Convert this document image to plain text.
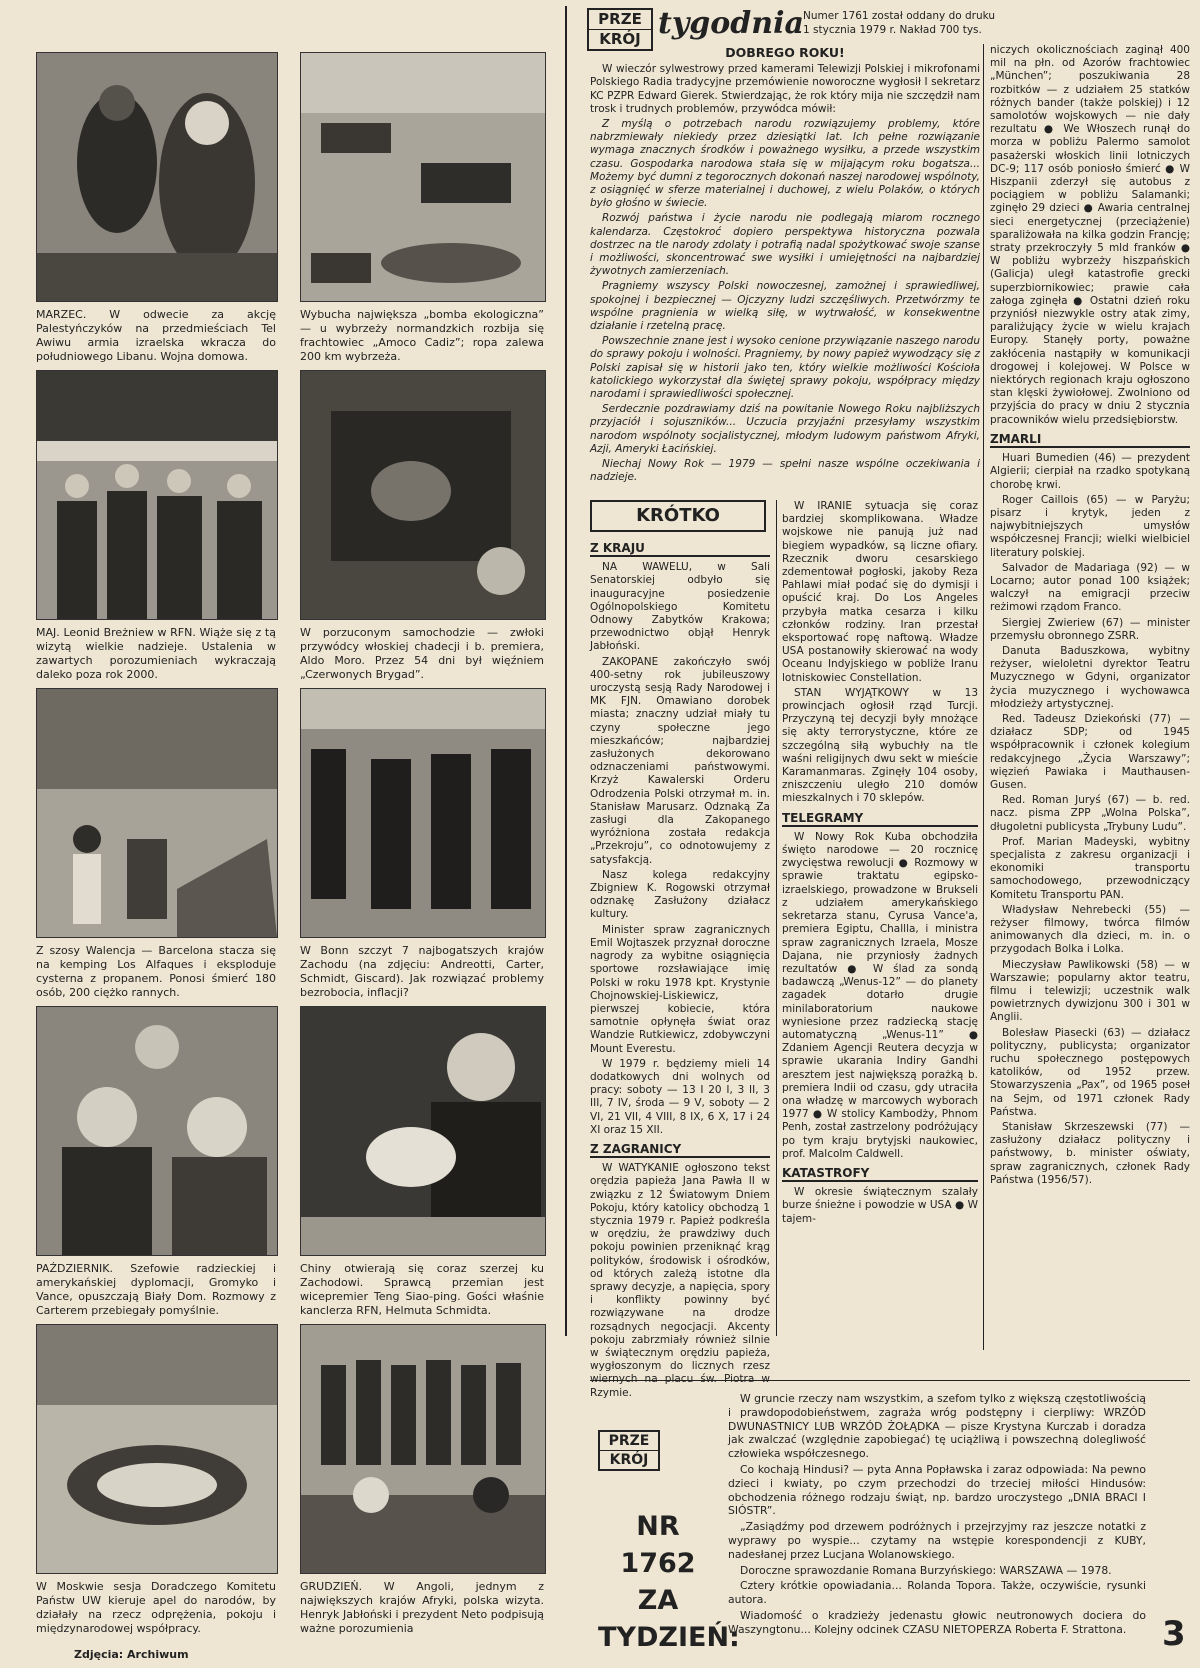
MARZEC. W odwecie za akcję Palestyńczyków na przedmieściach Tel Awiwu armia izraelska wkracza do południowego Libanu. Wojna domowa.
Wybucha największa „bomba ekologiczna” — u wybrzeży normandzkich rozbija się frachtowiec „Amoco Cadiz”; ropa zalewa 200 km wybrzeża.
MAJ. Leonid Breżniew w RFN. Wiąże się z tą wizytą wielkie nadzieje. Ustalenia w zawartych porozumieniach wykraczają daleko poza rok 2000.
W porzuconym samochodzie — zwłoki przywódcy włoskiej chadecji i b. premiera, Aldo Moro. Przez 54 dni był więźniem „Czerwonych Brygad”.
Z szosy Walencja — Barcelona stacza się na kemping Los Alfaques i eksploduje cysterna z propanem. Ponosi śmierć 180 osób, 200 ciężko rannych.
W Bonn szczyt 7 najbogatszych krajów Zachodu (na zdjęciu: Andreotti, Carter, Schmidt, Giscard). Jak rozwiązać problemy bezrobocia, inflacji?
PAŹDZIERNIK. Szefowie radzieckiej i amerykańskiej dyplomacji, Gromyko i Vance, opuszczają Biały Dom. Rozmowy z Carterem przebiegały pomyślnie.
Chiny otwierają się coraz szerzej ku Zachodowi. Sprawcą przemian jest wicepremier Teng Siao-ping. Gości właśnie kanclerza RFN, Helmuta Schmidta.
W Moskwie sesja Doradczego Komitetu Państw UW kieruje apel do narodów, by działały na rzecz odprężenia, pokoju i międzynarodowej współpracy.
GRUDZIEŃ. W Angoli, jednym z największych krajów Afryki, polska wizyta. Henryk Jabłoński i prezydent Neto podpisują ważne porozumienia
Zdjęcia: Archiwum
PRZE
KRÓJ tygodnia Numer 1761 został oddany do druku
1 stycznia 1979 r. Nakład 700 tys.
DOBREGO ROKU!

W wieczór sylwestrowy przed kamerami Telewizji Polskiej i mikrofonami Polskiego Radia tradycyjne przemówienie noworoczne wygłosił I sekretarz KC PZPR Edward Gierek. Stwierdzając, że rok który mija nie szczędził nam trosk i trudnych problemów, przywódca mówił:

Z myślą o potrzebach narodu rozwiązujemy problemy, które nabrzmiewały niekiedy przez dziesiątki lat. Ich pełne rozwiązanie wymaga znacznych środków i poważnego wysiłku, a przede wszystkim czasu. Gospodarka narodowa stała się w mijającym roku bogatsza... Możemy być dumni z tegorocznych dokonań naszej narodowej wspólnoty, z osiągnięć w sferze materialnej i duchowej, z wielu Polaków, o których było głośno w świecie.

Rozwój państwa i życie narodu nie podlegają miarom rocznego kalendarza. Częstokroć dopiero perspektywa historyczna pozwala dostrzec na tle narody zdolaty i potrafią nadal spożytkować swoje szanse i możliwości, skoncentrować swe wysiłki i umiejętności na najbardziej żywotnych zamierzeniach.

Pragniemy wszyscy Polski nowoczesnej, zamożnej i sprawiedliwej, spokojnej i bezpiecznej — Ojczyzny ludzi szczęśliwych. Przetwórzmy te wspólne pragnienia w wielką siłę, w wytrwałość, w konsekwentne działanie i rzetelną pracę.

Powszechnie znane jest i wysoko cenione przywiązanie naszego narodu do sprawy pokoju i wolności. Pragniemy, by nowy papież wywodzący się z Polski zapisał się w historii jako ten, który wielkie możliwości Kościoła katolickiego wykorzystał dla świętej sprawy pokoju, współpracy między narodami i sprawiedliwości społecznej.

Serdecznie pozdrawiamy dziś na powitanie Nowego Roku najbliższych przyjaciół i sojuszników... Uczucia przyjaźni przesyłamy wszystkim narodom wspólnoty socjalistycznej, młodym ludowym państwom Afryki, Azji, Ameryki Łacińskiej.

Niechaj Nowy Rok — 1979 — spełni nasze wspólne oczekiwania i nadzieje.

niczych okolicznościach zaginął 400 mil na płn. od Azorów frachtowiec „München”; poszukiwania 28 rozbitków — z udziałem 25 statków różnych bander (także polskiej) i 12 samolotów wojskowych — nie dały rezultatu ● We Włoszech runął do morza w pobliżu Palermo samolot pasażerski włoskich linii lotniczych DC-9; 117 osób poniosło śmierć ● W Hiszpanii zderzył się autobus z pociągiem w pobliżu Salamanki; zginęło 29 dzieci ● Awaria centralnej sieci energetycznej (przeciążenie) sparaliżowała na kilka godzin Francję; straty przekroczyły 5 mld franków ● W pobliżu wybrzeży hiszpańskich (Galicja) uległ katastrofie grecki superzbiornikowiec; prawie cała załoga zginęła ● Ostatni dzień roku przyniósł niezwykle ostry atak zimy, paraliżujący życie w wielu krajach Europy. Stanęły porty, poważne zakłócenia nastąpiły w komunikacji drogowej i kolejowej. W Polsce w niektórych regionach kraju ogłoszono stan klęski żywiołowej. Zwolniono od przyjścia do pracy w dniu 2 stycznia pracowników wielu przedsiębiorstw.

ZMARLI

Huari Bumedien (46) — prezydent Algierii; cierpiał na rzadko spotykaną chorobę krwi.

Roger Caillois (65) — w Paryżu; pisarz i krytyk, jeden z najwybitniejszych umysłów współczesnej Francji; wielki wielbiciel literatury polskiej.

Salvador de Madariaga (92) — w Locarno; autor ponad 100 książek; walczył na emigracji przeciw reżimowi rządom Franco.

Siergiej Zwieriew (67) — minister przemysłu obronnego ZSRR.

Danuta Baduszkowa, wybitny reżyser, wieloletni dyrektor Teatru Muzycznego w Gdyni, organizator życia muzycznego i wychowawca młodzieży artystycznej.

Red. Tadeusz Dziekoński (77) — działacz SDP; od 1945 współpracownik i członek kolegium redakcyjnego „Życia Warszawy”; więzień Pawiaka i Mauthausen-Gusen.

Red. Roman Juryś (67) — b. red. nacz. pisma ZPP „Wolna Polska”, długoletni publicysta „Trybuny Ludu”.

Prof. Marian Madeyski, wybitny specjalista z zakresu organizacji i ekonomiki transportu samochodowego, przewodniczący Komitetu Transportu PAN.

Władysław Nehrebecki (55) — reżyser filmowy, twórca filmów animowanych dla dzieci, m. in. o przygodach Bolka i Lolka.

Mieczysław Pawlikowski (58) — w Warszawie; popularny aktor teatru, filmu i telewizji; uczestnik walk powietrznych dywizjonu 300 i 301 w Anglii.

Bolesław Piasecki (63) — działacz polityczny, publicysta; organizator ruchu społecznego postępowych katolików, od 1952 przew. Stowarzyszenia „Pax”, od 1965 poseł na Sejm, od 1971 członek Rady Państwa.

Stanisław Skrzeszewski (77) — zasłużony działacz polityczny i państwowy, b. minister oświaty, spraw zagranicznych, członek Rady Państwa (1956/57).

KRÓTKO
Z KRAJU

NA WAWELU, w Sali Senatorskiej odbyło się inauguracyjne posiedzenie Ogólnopolskiego Komitetu Odnowy Zabytków Krakowa; przewodnictwo objął Henryk Jabłoński.

ZAKOPANE zakończyło swój 400-setny rok jubileuszowy uroczystą sesją Rady Narodowej i MK FJN. Omawiano dorobek miasta; znaczny udział miały tu czyny społeczne jego mieszkańców; najbardziej zasłużonych dekorowano odznaczeniami państwowymi. Krzyż Kawalerski Orderu Odrodzenia Polski otrzymał m. in. Stanisław Marusarz. Odznaką Za zasługi dla Zakopanego wyróżniona została redakcja „Przekroju”, co odnotowujemy z satysfakcją.

Nasz kolega redakcyjny Zbigniew K. Rogowski otrzymał odznakę Zasłużony działacz kultury.

Minister spraw zagranicznych Emil Wojtaszek przyznał doroczne nagrody za wybitne osiągnięcia sportowe rozsławiające imię Polski w roku 1978 kpt. Krystynie Chojnowskiej-Liskiewicz, pierwszej kobiecie, która samotnie opłynęła świat oraz Wandzie Rutkiewicz, zdobywczyni Mount Everestu.

W 1979 r. będziemy mieli 14 dodatkowych dni wolnych od pracy: soboty — 13 I 20 I, 3 II, 3 III, 7 IV, środa — 9 V, soboty — 2 VI, 21 VII, 4 VIII, 8 IX, 6 X, 17 i 24 XI oraz 15 XII.

Z ZAGRANICY

W WATYKANIE ogłoszono tekst orędzia papieża Jana Pawła II w związku z 12 Światowym Dniem Pokoju, który katolicy obchodzą 1 stycznia 1979 r. Papież podkreśla w orędziu, że prawdziwy duch pokoju powinien przeniknąć krąg polityków, środowisk i ośrodków, od których zależą istotne dla sprawy decyzje, a napięcia, spory i konflikty powinny być rozwiązywane na drodze rozsądnych negocjacji. Akcenty pokoju zabrzmiały również silnie w świątecznym orędziu papieża, wygłoszonym do licznych rzesz Rzymie.

W IRANIE sytuacja się coraz bardziej skomplikowana. Władze wojskowe nie panują już nad biegiem wypadków, są liczne ofiary. Rzecznik dworu cesarskiego zdementował pogłoski, jakoby Reza Pahlawi miał podać się do dymisji i opuścić kraj. Do Los Angeles przybyła matka cesarza i kilku członków rodziny. Iran przestał eksportować ropę naftową. Władze USA postanowiły skierować na wody Oceanu Indyjskiego w pobliże Iranu lotniskowiec Constellation.

STAN WYJĄTKOWY w 13 prowincjach ogłosił rząd Turcji. Przyczyną tej decyzji były mnożące się akty terrorystyczne, które ze szczególną siłą wybuchły na tle waśni religijnych dwu sekt w mieście Karamanmaras. Zginęły 104 osoby, zniszczeniu uległo 210 domów mieszkalnych i 70 sklepów.

TELEGRAMY

W Nowy Rok Kuba obchodziła święto narodowe — 20 rocznicę zwycięstwa rewolucji ● Rozmowy w sprawie traktatu egipsko-izraelskiego, prowadzone w Brukseli z udziałem amerykańskiego sekretarza stanu, Cyrusa Vance'a, premiera Egiptu, Challla, i ministra spraw zagranicznych Izraela, Mosze Dajana, nie przyniosły żadnych rezultatów ● W ślad za sondą badawczą „Wenus-12” — do planety zagadek dotarło drugie minilaboratorium naukowe wyniesione przez radziecką stację automatyczną „Wenus-11” ● Zdaniem Agencji Reutera decyzja w sprawie ukarania Indiry Gandhi aresztem jest największą porażką b. premiera Indii od czasu, gdy utraciła ona władzę w marcowych wyborach 1977 ● W stolicy Kambodży, Phnom Penh, został zastrzelony podróżujący po tym kraju brytyjski naukowiec, prof. Malcolm Caldwell.

KATASTROFY

W okresie świątecznym szalały burze śnieżne i powodzie w USA ● W tajem-

PRZE
KRÓJ
NR 1762
ZA
TYDZIEŃ:

W gruncie rzeczy nam wszystkim, a szefom tylko z większą częstotliwością i prawdopodobieństwem, zagraża wróg podstępny i cierpliwy: WRZÓD DWUNASTNICY LUB WRZÓD ŻOŁĄDKA — pisze Krystyna Kurczab i doradza jak zwalczać (względnie zapobiegać) tę uciążliwą i powszechną dolegliwość człowieka współczesnego.

Co kochają Hindusi? — pyta Anna Popławska i zaraz odpowiada: Na pewno dzieci i kwiaty, po czym przechodzi do trzeciej miłości Hindusów: obchodzenia różnego rodzaju świąt, np. bardzo uroczystego „DNIA BRACI I SIÓSTR”.

„Zasiądźmy pod drzewem podróżnych i przejrzyjmy raz jeszcze notatki z wyprawy po wyspie... czytamy na wstępie korespondencji z KUBY, nadesłanej przez Lucjana Wolanowskiego.

Doroczne sprawozdanie Romana Burzyńskiego: WARSZAWA — 1978.

Cztery krótkie opowiadania... Rolanda Topora. Także, oczywiście, rysunki autora.

Wiadomość o kradzieży jedenastu głowic neutronowych dociera do Waszyngtonu... Kolejny odcinek CZASU NIETOPERZA Roberta F. Strattona.	3
